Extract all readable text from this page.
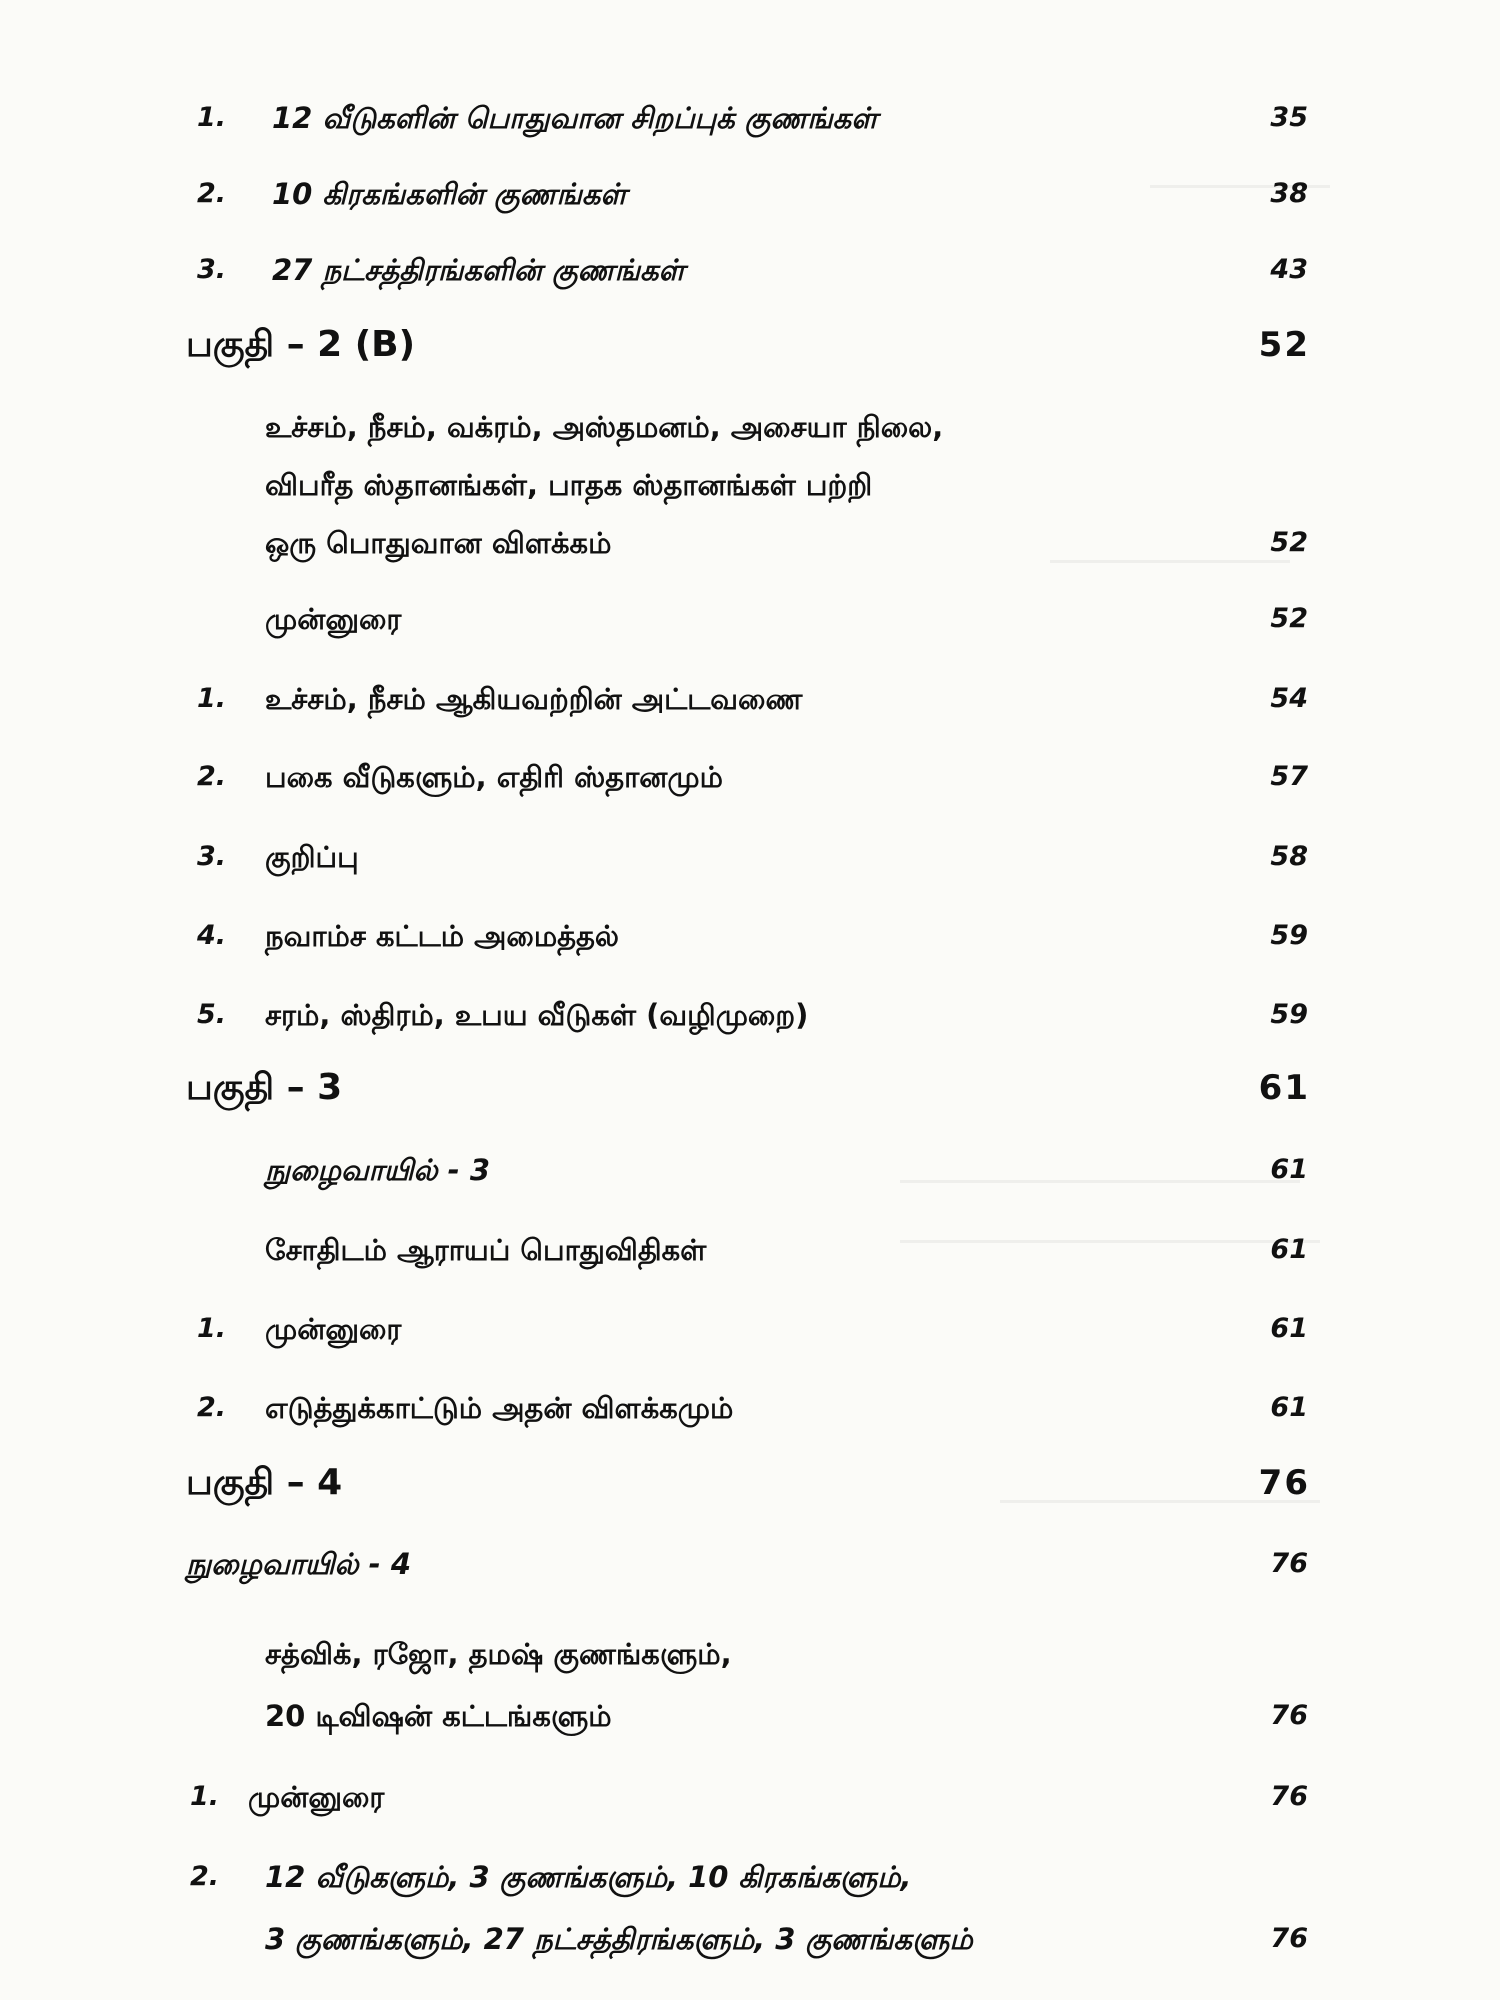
1. 12 வீடுகளின் பொதுவான சிறப்புக் குணங்கள்	35
2. 10 கிரகங்களின் குணங்கள்	38
3. 27 நட்சத்திரங்களின் குணங்கள்	43
பகுதி – 2 (B)	52
உச்சம், நீசம், வக்ரம், அஸ்தமனம், அசையா நிலை,
விபரீத ஸ்தானங்கள், பாதக ஸ்தானங்கள் பற்றி
ஒரு பொதுவான விளக்கம்	52
முன்னுரை	52
1. உச்சம், நீசம் ஆகியவற்றின் அட்டவணை	54
2. பகை வீடுகளும், எதிரி ஸ்தானமும்	57
3. குறிப்பு	58
4. நவாம்ச கட்டம் அமைத்தல்	59
5. சரம், ஸ்திரம், உபய வீடுகள் (வழிமுறை)	59
பகுதி – 3	61
நுழைவாயில் - 3	61
சோதிடம் ஆராயப் பொதுவிதிகள்	61
1. முன்னுரை	61
2. எடுத்துக்காட்டும் அதன் விளக்கமும்	61
பகுதி – 4	76
நுழைவாயில் - 4	76
சத்விக், ரஜோ, தமஷ் குணங்களும்,
20 டிவிஷன் கட்டங்களும்	76
1. முன்னுரை	76
2. 12 வீடுகளும், 3 குணங்களும், 10 கிரகங்களும்,
3 குணங்களும், 27 நட்சத்திரங்களும், 3 குணங்களும்	76
